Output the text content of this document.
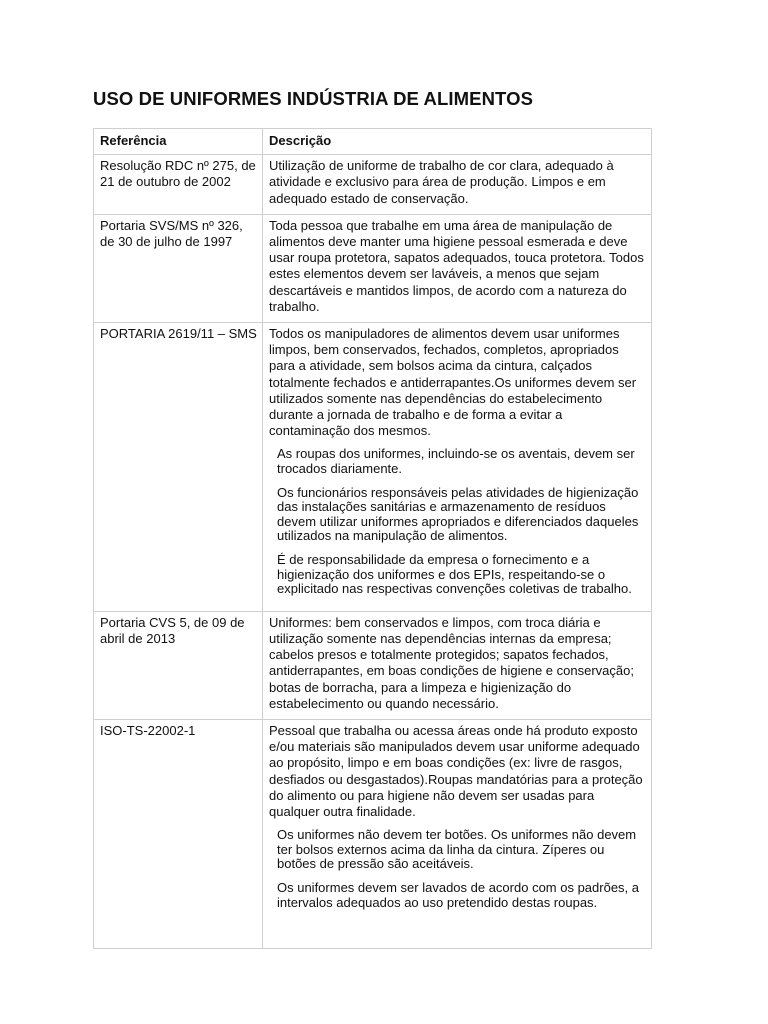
USO DE UNIFORMES INDÚSTRIA DE ALIMENTOS
Referência	Descrição
Resolução RDC nº 275, de 21 de outubro de 2002	Utilização de uniforme de trabalho de cor clara, adequado à atividade e exclusivo para área de produção. Limpos e em adequado estado de conservação.

Portaria SVS/MS nº 326, de 30 de julho de 1997	Toda pessoa que trabalhe em uma área de manipulação de alimentos deve manter uma higiene pessoal esmerada e deve usar roupa protetora, sapatos adequados, touca protetora. Todos estes elementos devem ser laváveis, a menos que sejam descartáveis e mantidos limpos, de acordo com a natureza do trabalho.

PORTARIA 2619/11 – SMS	Todos os manipuladores de alimentos devem usar uniformes limpos, bem conservados, fechados, completos, apropriados para a atividade, sem bolsos acima da cintura, calçados totalmente fechados e antiderrapantes.Os uniformes devem ser utilizados somente nas dependências do estabelecimento durante a jornada de trabalho e de forma a evitar a contaminação dos mesmos.
As roupas dos uniformes, incluindo-se os aventais, devem ser trocados diariamente.
Os funcionários responsáveis pelas atividades de higienização das instalações sanitárias e armazenamento de resíduos devem utilizar uniformes apropriados e diferenciados daqueles utilizados na manipulação de alimentos.
É de responsabilidade da empresa o fornecimento e a higienização dos uniformes e dos EPIs, respeitando-se o explicitado nas respectivas convenções coletivas de trabalho.

Portaria CVS 5, de 09 de abril de 2013	Uniformes: bem conservados e limpos, com troca diária e utilização somente nas dependências internas da empresa; cabelos presos e totalmente protegidos; sapatos fechados, antiderrapantes, em boas condições de higiene e conservação; botas de borracha, para a limpeza e higienização do estabelecimento ou quando necessário.

ISO-TS-22002-1	Pessoal que trabalha ou acessa áreas onde há produto exposto e/ou materiais são manipulados devem usar uniforme adequado ao propósito, limpo e em boas condições (ex: livre de rasgos, desfiados ou desgastados).Roupas mandatórias para a proteção do alimento ou para higiene não devem ser usadas para qualquer outra finalidade.
Os uniformes não devem ter botões. Os uniformes não devem ter bolsos externos acima da linha da cintura. Zíperes ou botões de pressão são aceitáveis.
Os uniformes devem ser lavados de acordo com os padrões, a intervalos adequados ao uso pretendido destas roupas.
